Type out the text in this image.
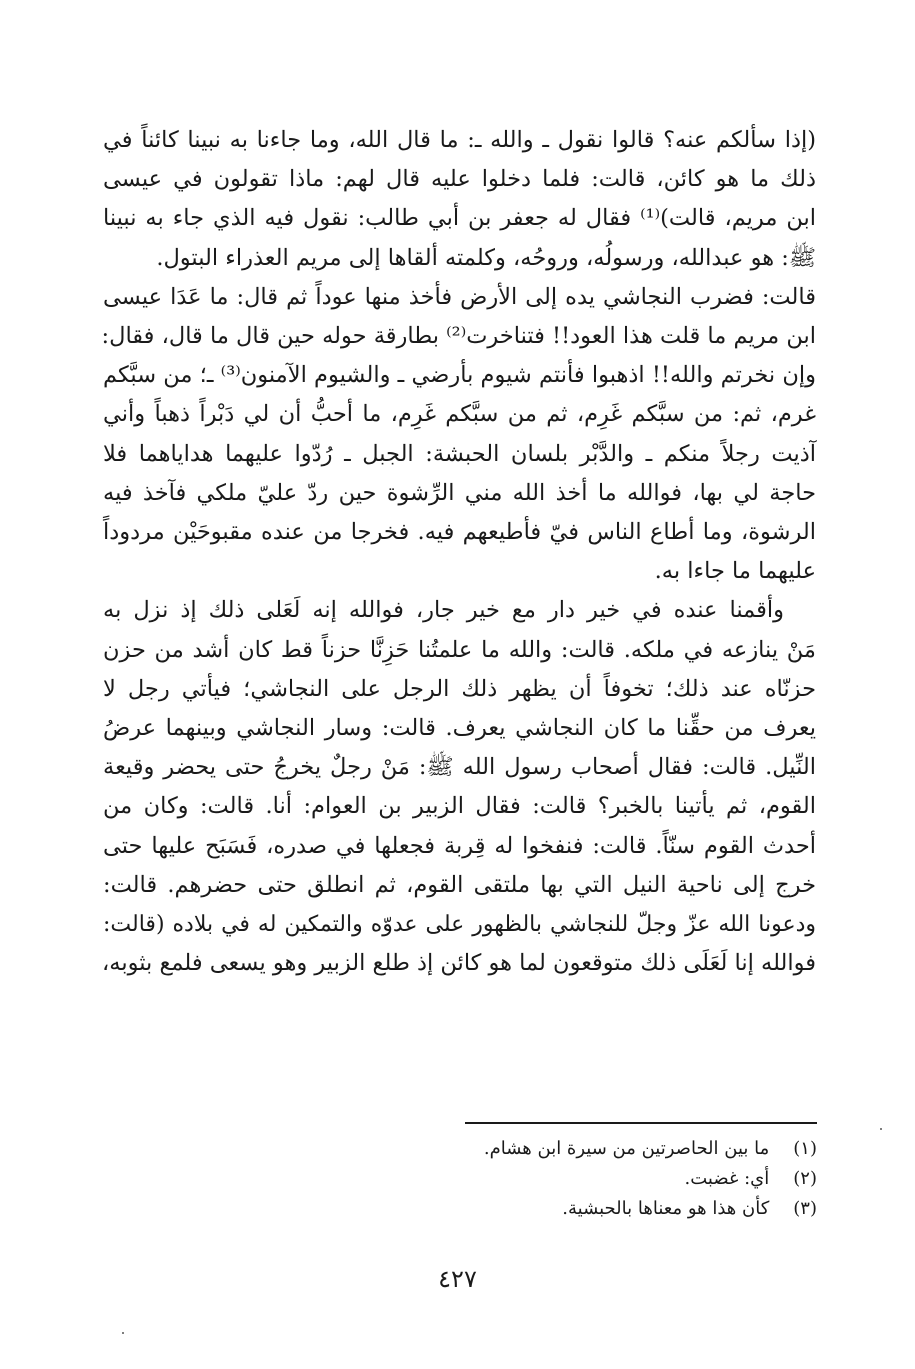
(إذا سألكم عنه؟ قالوا نقول ـ والله ـ: ما قال الله، وما جاءنا به نبينا كائناً في
ذلك ما هو كائن، قالت: فلما دخلوا عليه قال لهم: ماذا تقولون في عيسى
ابن مريم، قالت)⁽¹⁾ فقال له جعفر بن أبي طالب: نقول فيه الذي جاء به نبينا
ﷺ: هو عبدالله، ورسولُه، وروحُه، وكلمته ألقاها إلى مريم العذراء البتول.
قالت: فضرب النجاشي يده إلى الأرض فأخذ منها عوداً ثم قال: ما عَدَا عيسى
ابن مريم ما قلت هذا العود!! فتناخرت⁽²⁾ بطارقة حوله حين قال ما قال، فقال:
وإن نخرتم والله!! اذهبوا فأنتم شيوم بأرضي ـ والشيوم الآمنون⁽³⁾ ـ؛ من سبَّكم
غرم، ثم: من سبَّكم غَرِم، ثم من سبَّكم غَرِم، ما أحبُّ أن لي دَبْراً ذهباً وأني
آذيت رجلاً منكم ـ والدَّبْر بلسان الحبشة: الجبل ـ رُدّوا عليهما هداياهما فلا
حاجة لي بها، فوالله ما أخذ الله مني الرِّشوة حين ردّ عليّ ملكي فآخذ فيه
الرشوة، وما أطاع الناس فيّ فأطيعهم فيه. فخرجا من عنده مقبوحَيْن مردوداً
عليهما ما جاءا به.
وأقمنا عنده في خير دار مع خير جار، فوالله إنه لَعَلى ذلك إذ نزل به
مَنْ ينازعه في ملكه. قالت: والله ما علمتُنا حَزِنَّا حزناً قط كان أشد من حزن
حزنّاه عند ذلك؛ تخوفاً أن يظهر ذلك الرجل على النجاشي؛ فيأتي رجل لا
يعرف من حقِّنا ما كان النجاشي يعرف. قالت: وسار النجاشي وبينهما عرضُ
النِّيل. قالت: فقال أصحاب رسول الله ﷺ: مَنْ رجلٌ يخرجُ حتى يحضر وقيعة
القوم، ثم يأتينا بالخبر؟ قالت: فقال الزبير بن العوام: أنا. قالت: وكان من
أحدث القوم سنّاً. قالت: فنفخوا له قِربة فجعلها في صدره، فَسَبَح عليها حتى
خرج إلى ناحية النيل التي بها ملتقى القوم، ثم انطلق حتى حضرهم. قالت:
ودعونا الله عزّ وجلّ للنجاشي بالظهور على عدوّه والتمكين له في بلاده (قالت:
فوالله إنا لَعَلَى ذلك متوقعون لما هو كائن إذ طلع الزبير وهو يسعى فلمع بثوبه،
(١) ما بين الحاصرتين من سيرة ابن هشام.
(٢) أي: غضبت.
(٣) كأن هذا هو معناها بالحبشية.
٤٢٧
